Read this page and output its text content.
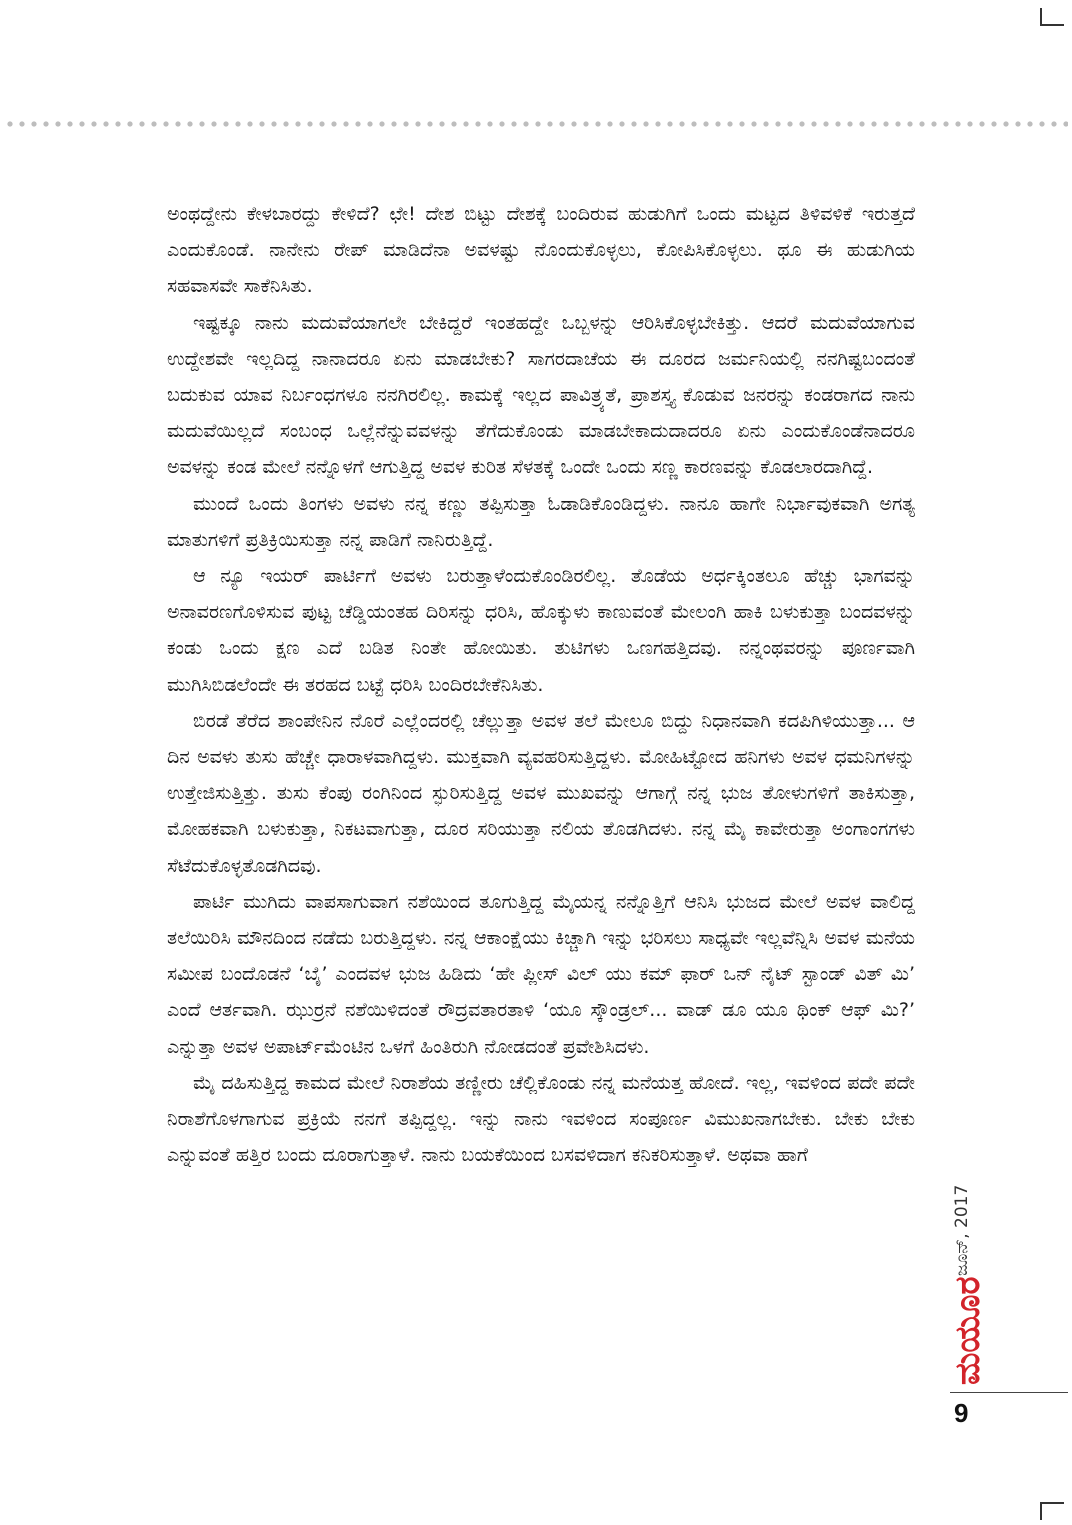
ಅಂಥದ್ದೇನು ಕೇಳಬಾರದ್ದು ಕೇಳಿದೆ? ಛೇ! ದೇಶ ಬಿಟ್ಟು ದೇಶಕ್ಕೆ ಬಂದಿರುವ ಹುಡುಗಿಗೆ ಒಂದು ಮಟ್ಟದ ತಿಳಿವಳಿಕೆ ಇರುತ್ತದೆ ಎಂದುಕೊಂಡೆ. ನಾನೇನು ರೇಪ್ ಮಾಡಿದೆನಾ ಅವಳಷ್ಟು ನೊಂದುಕೊಳ್ಳಲು, ಕೋಪಿಸಿಕೊಳ್ಳಲು. ಥೂ ಈ ಹುಡುಗಿಯ ಸಹವಾಸವೇ ಸಾಕೆನಿಸಿತು.

ಇಷ್ಟಕ್ಕೂ ನಾನು ಮದುವೆಯಾಗಲೇ ಬೇಕಿದ್ದರೆ ಇಂತಹದ್ದೇ ಒಬ್ಬಳನ್ನು ಆರಿಸಿಕೊಳ್ಳಬೇಕಿತ್ತು. ಆದರೆ ಮದುವೆಯಾಗುವ ಉದ್ದೇಶವೇ ಇಲ್ಲದಿದ್ದ ನಾನಾದರೂ ಏನು ಮಾಡಬೇಕು? ಸಾಗರದಾಚೆಯ ಈ ದೂರದ ಜರ್ಮನಿಯಲ್ಲಿ ನನಗಿಷ್ಟಬಂದಂತೆ ಬದುಕುವ ಯಾವ ನಿರ್ಬಂಧಗಳೂ ನನಗಿರಲಿಲ್ಲ. ಕಾಮಕ್ಕೆ ಇಲ್ಲದ ಪಾವಿತ್ರ್ಯತೆ, ಪ್ರಾಶಸ್ತ್ಯ ಕೊಡುವ ಜನರನ್ನು ಕಂಡರಾಗದ ನಾನು ಮದುವೆಯಿಲ್ಲದೆ ಸಂಬಂಧ ಒಲ್ಲೆನೆನ್ನುವವಳನ್ನು ತೆಗೆದುಕೊಂಡು ಮಾಡಬೇಕಾದುದಾದರೂ ಏನು ಎಂದುಕೊಂಡೆನಾದರೂ ಅವಳನ್ನು ಕಂಡ ಮೇಲೆ ನನ್ನೊಳಗೆ ಆಗುತ್ತಿದ್ದ ಅವಳ ಕುರಿತ ಸೆಳತಕ್ಕೆ ಒಂದೇ ಒಂದು ಸಣ್ಣ ಕಾರಣವನ್ನು ಕೊಡಲಾರದಾಗಿದ್ದೆ.

ಮುಂದೆ ಒಂದು ತಿಂಗಳು ಅವಳು ನನ್ನ ಕಣ್ಣು ತಪ್ಪಿಸುತ್ತಾ ಓಡಾಡಿಕೊಂಡಿದ್ದಳು. ನಾನೂ ಹಾಗೇ ನಿರ್ಭಾವುಕವಾಗಿ ಅಗತ್ಯ ಮಾತುಗಳಿಗೆ ಪ್ರತಿಕ್ರಿಯಿಸುತ್ತಾ ನನ್ನ ಪಾಡಿಗೆ ನಾನಿರುತ್ತಿದ್ದೆ.

ಆ ನ್ಯೂ ಇಯರ್ ಪಾರ್ಟಿಗೆ ಅವಳು ಬರುತ್ತಾಳೆಂದುಕೊಂಡಿರಲಿಲ್ಲ. ತೊಡೆಯ ಅರ್ಧಕ್ಕಿಂತಲೂ ಹೆಚ್ಚು ಭಾಗವನ್ನು ಅನಾವರಣಗೊಳಿಸುವ ಪುಟ್ಟ ಚೆಡ್ಡಿಯಂತಹ ದಿರಿಸನ್ನು ಧರಿಸಿ, ಹೊಕ್ಕುಳು ಕಾಣುವಂತೆ ಮೇಲಂಗಿ ಹಾಕಿ ಬಳುಕುತ್ತಾ ಬಂದವಳನ್ನು ಕಂಡು ಒಂದು ಕ್ಷಣ ಎದೆ ಬಡಿತ ನಿಂತೇ ಹೋಯಿತು. ತುಟಿಗಳು ಒಣಗಹತ್ತಿದವು. ನನ್ನಂಥವರನ್ನು ಪೂರ್ಣವಾಗಿ ಮುಗಿಸಿಬಿಡಲೆಂದೇ ಈ ತರಹದ ಬಟ್ಟೆ ಧರಿಸಿ ಬಂದಿರಬೇಕೆನಿಸಿತು.

ಬಿರಡೆ ತೆರೆದ ಶಾಂಪೇನಿನ ನೊರೆ ಎಲ್ಲೆಂದರಲ್ಲಿ ಚೆಲ್ಲುತ್ತಾ ಅವಳ ತಲೆ ಮೇಲೂ ಬಿದ್ದು ನಿಧಾನವಾಗಿ ಕದಪಿಗಿಳಿಯುತ್ತಾ... ಆ ದಿನ ಅವಳು ತುಸು ಹೆಚ್ಚೇ ಧಾರಾಳವಾಗಿದ್ದಳು. ಮುಕ್ತವಾಗಿ ವ್ಯವಹರಿಸುತ್ತಿದ್ದಳು. ಮೋಹಿಟ್ಟೋದ ಹನಿಗಳು ಅವಳ ಧಮನಿಗಳನ್ನು ಉತ್ತೇಜಿಸುತ್ತಿತ್ತು. ತುಸು ಕೆಂಪು ರಂಗಿನಿಂದ ಸ್ಫುರಿಸುತ್ತಿದ್ದ ಅವಳ ಮುಖವನ್ನು ಆಗಾಗ್ಗೆ ನನ್ನ ಭುಜ ತೋಳುಗಳಿಗೆ ತಾಕಿಸುತ್ತಾ, ಮೋಹಕವಾಗಿ ಬಳುಕುತ್ತಾ, ನಿಕಟವಾಗುತ್ತಾ, ದೂರ ಸರಿಯುತ್ತಾ ನಲಿಯ ತೊಡಗಿದಳು. ನನ್ನ ಮೈ ಕಾವೇರುತ್ತಾ ಅಂಗಾಂಗಗಳು ಸೆಟೆದುಕೊಳ್ಳತೊಡಗಿದವು.

ಪಾರ್ಟಿ ಮುಗಿದು ವಾಪಸಾಗುವಾಗ ನಶೆಯಿಂದ ತೂಗುತ್ತಿದ್ದ ಮೈಯನ್ನ ನನ್ನೊತ್ತಿಗೆ ಆನಿಸಿ ಭುಜದ ಮೇಲೆ ಅವಳ ವಾಲಿದ್ದ ತಲೆಯಿರಿಸಿ ಮೌನದಿಂದ ನಡೆದು ಬರುತ್ತಿದ್ದಳು. ನನ್ನ ಆಕಾಂಕ್ಷೆಯು ಕಿಚ್ಚಾಗಿ ಇನ್ನು ಭರಿಸಲು ಸಾಧ್ಯವೇ ಇಲ್ಲವೆನ್ನಿಸಿ ಅವಳ ಮನೆಯ ಸಮೀಪ ಬಂದೊಡನೆ ‘ಬೈ’ ಎಂದವಳ ಭುಜ ಹಿಡಿದು ‘ಹೇ ಪ್ಲೀಸ್ ವಿಲ್ ಯು ಕಮ್ ಫಾರ್ ಒನ್ ನೈಟ್ ಸ್ಟಾಂಡ್ ವಿತ್ ಮಿ’ ಎಂದೆ ಆರ್ತವಾಗಿ. ಝುರ್ರನೆ ನಶೆಯಿಳಿದಂತೆ ರೌದ್ರವತಾರತಾಳಿ ‘ಯೂ ಸ್ಕೌಂಡ್ರಲ್... ವಾಡ್ ಡೂ ಯೂ ಥಿಂಕ್ ಆಫ್ ಮಿ?’ ಎನ್ನುತ್ತಾ ಅವಳ ಅಪಾರ್ಟ್‌ಮೆಂಟಿನ ಒಳಗೆ ಹಿಂತಿರುಗಿ ನೋಡದಂತೆ ಪ್ರವೇಶಿಸಿದಳು.

ಮೈ ದಹಿಸುತ್ತಿದ್ದ ಕಾಮದ ಮೇಲೆ ನಿರಾಶೆಯ ತಣ್ಣೀರು ಚೆಲ್ಲಿಕೊಂಡು ನನ್ನ ಮನೆಯತ್ತ ಹೋದೆ. ಇಲ್ಲ, ಇವಳಿಂದ ಪದೇ ಪದೇ ನಿರಾಶೆಗೊಳಗಾಗುವ ಪ್ರಕ್ರಿಯೆ ನನಗೆ ತಪ್ಪಿದ್ದಲ್ಲ. ಇನ್ನು ನಾನು ಇವಳಿಂದ ಸಂಪೂರ್ಣ ವಿಮುಖನಾಗಬೇಕು. ಬೇಕು ಬೇಕು ಎನ್ನುವಂತೆ ಹತ್ತಿರ ಬಂದು ದೂರಾಗುತ್ತಾಳೆ. ನಾನು ಬಯಕೆಯಿಂದ ಬಸವಳಿದಾಗ ಕನಿಕರಿಸುತ್ತಾಳೆ. ಅಥವಾ ಹಾಗೆ

ಜೂನ್, 2017
ಮಯೂರ
9
